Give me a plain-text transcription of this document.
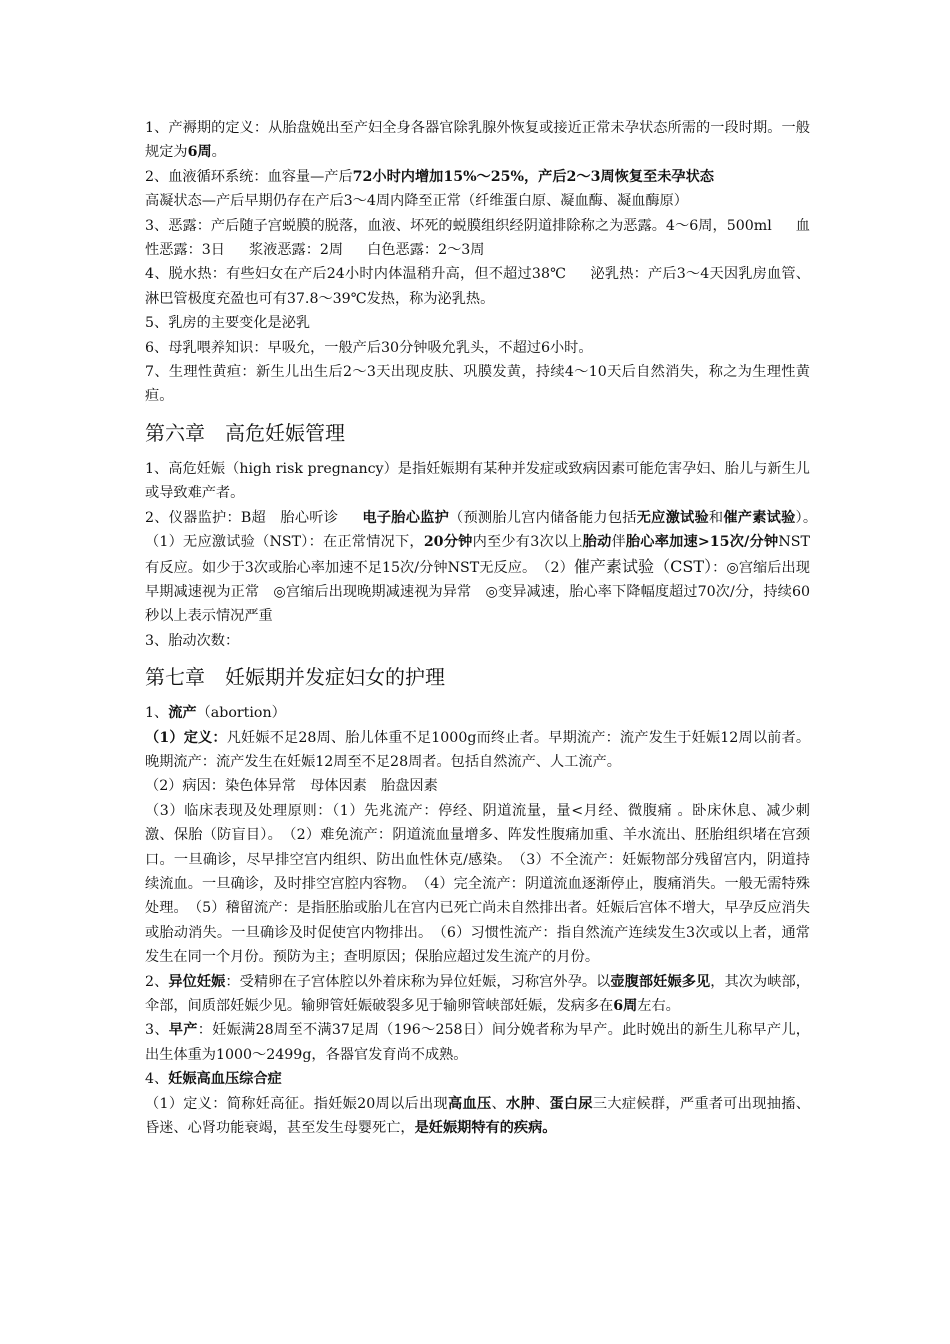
1、产褥期的定义：从胎盘娩出至产妇全身各器官除乳腺外恢复或接近正常未孕状态所需的一段时期。一般规定为6周。

2、血液循环系统：血容量—产后72小时内增加15%～25%，产后2～3周恢复至未孕状态

高凝状态—产后早期仍存在产后3～4周内降至正常（纤维蛋白原、凝血酶、凝血酶原）

3、恶露：产后随子宫蜕膜的脱落，血液、坏死的蜕膜组织经阴道排除称之为恶露。4～6周，500ml 血性恶露：3日 浆液恶露：2周 白色恶露：2～3周

4、脱水热：有些妇女在产后24小时内体温稍升高，但不超过38℃ 泌乳热：产后3～4天因乳房血管、淋巴管极度充盈也可有37.8～39℃发热，称为泌乳热。

5、乳房的主要变化是泌乳

6、母乳喂养知识：早吸允，一般产后30分钟吸允乳头，不超过6小时。

7、生理性黄疸：新生儿出生后2～3天出现皮肤、巩膜发黄，持续4～10天后自然消失，称之为生理性黄疸。

第六章　高危妊娠管理

1、高危妊娠（high risk pregnancy）是指妊娠期有某种并发症或致病因素可能危害孕妇、胎儿与新生儿或导致难产者。

2、仪器监护：B超　胎心听诊 电子胎心监护（预测胎儿宫内储备能力包括无应激试验和催产素试验）。　（1）无应激试验（NST）：在正常情况下，20分钟内至少有3次以上胎动伴胎心率加速>15次/分钟NST有反应。如少于3次或胎心率加速不足15次/分钟NST无反应。　（2）催产素试验（CST）：◎宫缩后出现早期减速视为正常　◎宫缩后出现晚期减速视为异常　◎变异减速，胎心率下降幅度超过70次/分，持续60秒以上表示情况严重

3、胎动次数：

第七章　妊娠期并发症妇女的护理

1、流产（abortion）

（1）定义：凡妊娠不足28周、胎儿体重不足1000g而终止者。早期流产：流产发生于妊娠12周以前者。晚期流产：流产发生在妊娠12周至不足28周者。包括自然流产、人工流产。

（2）病因：染色体异常　母体因素　胎盘因素

（3）临床表现及处理原则：（1）先兆流产：停经、阴道流量，量<月经、微腹痛 。卧床休息、减少刺激、保胎（防盲目）。　（2）难免流产：阴道流血量增多、阵发性腹痛加重、羊水流出、胚胎组织堵在宫颈口。一旦确诊，尽早排空宫内组织、防出血性休克/感染。　（3）不全流产：妊娠物部分残留宫内，阴道持续流血。一旦确诊，及时排空宫腔内容物。　（4）完全流产：阴道流血逐渐停止，腹痛消失。一般无需特殊处理。　（5）稽留流产：是指胚胎或胎儿在宫内已死亡尚未自然排出者。妊娠后宫体不增大，早孕反应消失或胎动消失。一旦确诊及时促使宫内物排出。　（6）习惯性流产：指自然流产连续发生3次或以上者，通常发生在同一个月份。预防为主；查明原因；保胎应超过发生流产的月份。

2、异位妊娠：受精卵在子宫体腔以外着床称为异位妊娠，习称宫外孕。以壶腹部妊娠多见，其次为峡部，伞部，间质部妊娠少见。输卵管妊娠破裂多见于输卵管峡部妊娠，发病多在6周左右。

3、早产：妊娠满28周至不满37足周（196～258日）间分娩者称为早产。此时娩出的新生儿称早产儿，出生体重为1000～2499g，各器官发育尚不成熟。

4、妊娠高血压综合症

（1）定义：简称妊高征。指妊娠20周以后出现高血压、水肿、蛋白尿三大症候群，严重者可出现抽搐、昏迷、心肾功能衰竭，甚至发生母婴死亡，是妊娠期特有的疾病。
